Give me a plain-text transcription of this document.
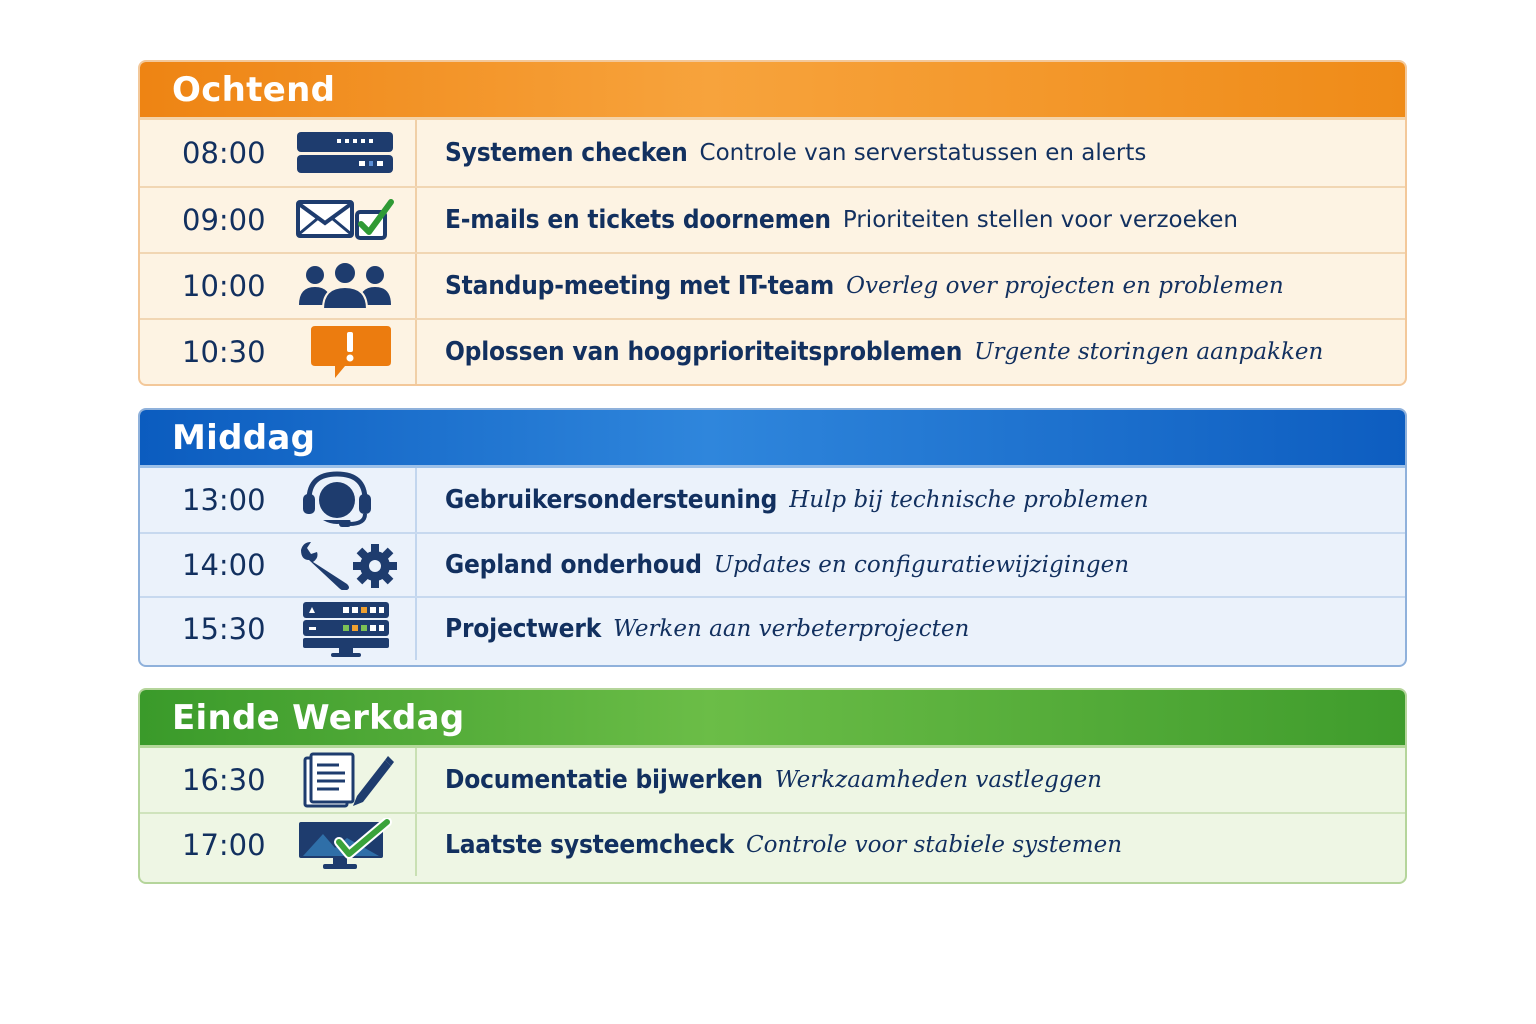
Ochtend
08:00	Systemen checken Controle van serverstatussen en alerts
09:00	E-mails en tickets doornemen Prioriteiten stellen voor verzoeken
10:00	Standup-meeting met IT-team Overleg over projecten en problemen
10:30	Oplossen van hoogprioriteitsproblemen Urgente storingen aanpakken
Middag
13:00	Gebruikersondersteuning Hulp bij technische problemen
14:00	Gepland onderhoud Updates en configuratiewijzigingen
15:30	Projectwerk Werken aan verbeterprojecten
Einde Werkdag
16:30	Documentatie bijwerken Werkzaamheden vastleggen
17:00	Laatste systeemcheck Controle voor stabiele systemen
